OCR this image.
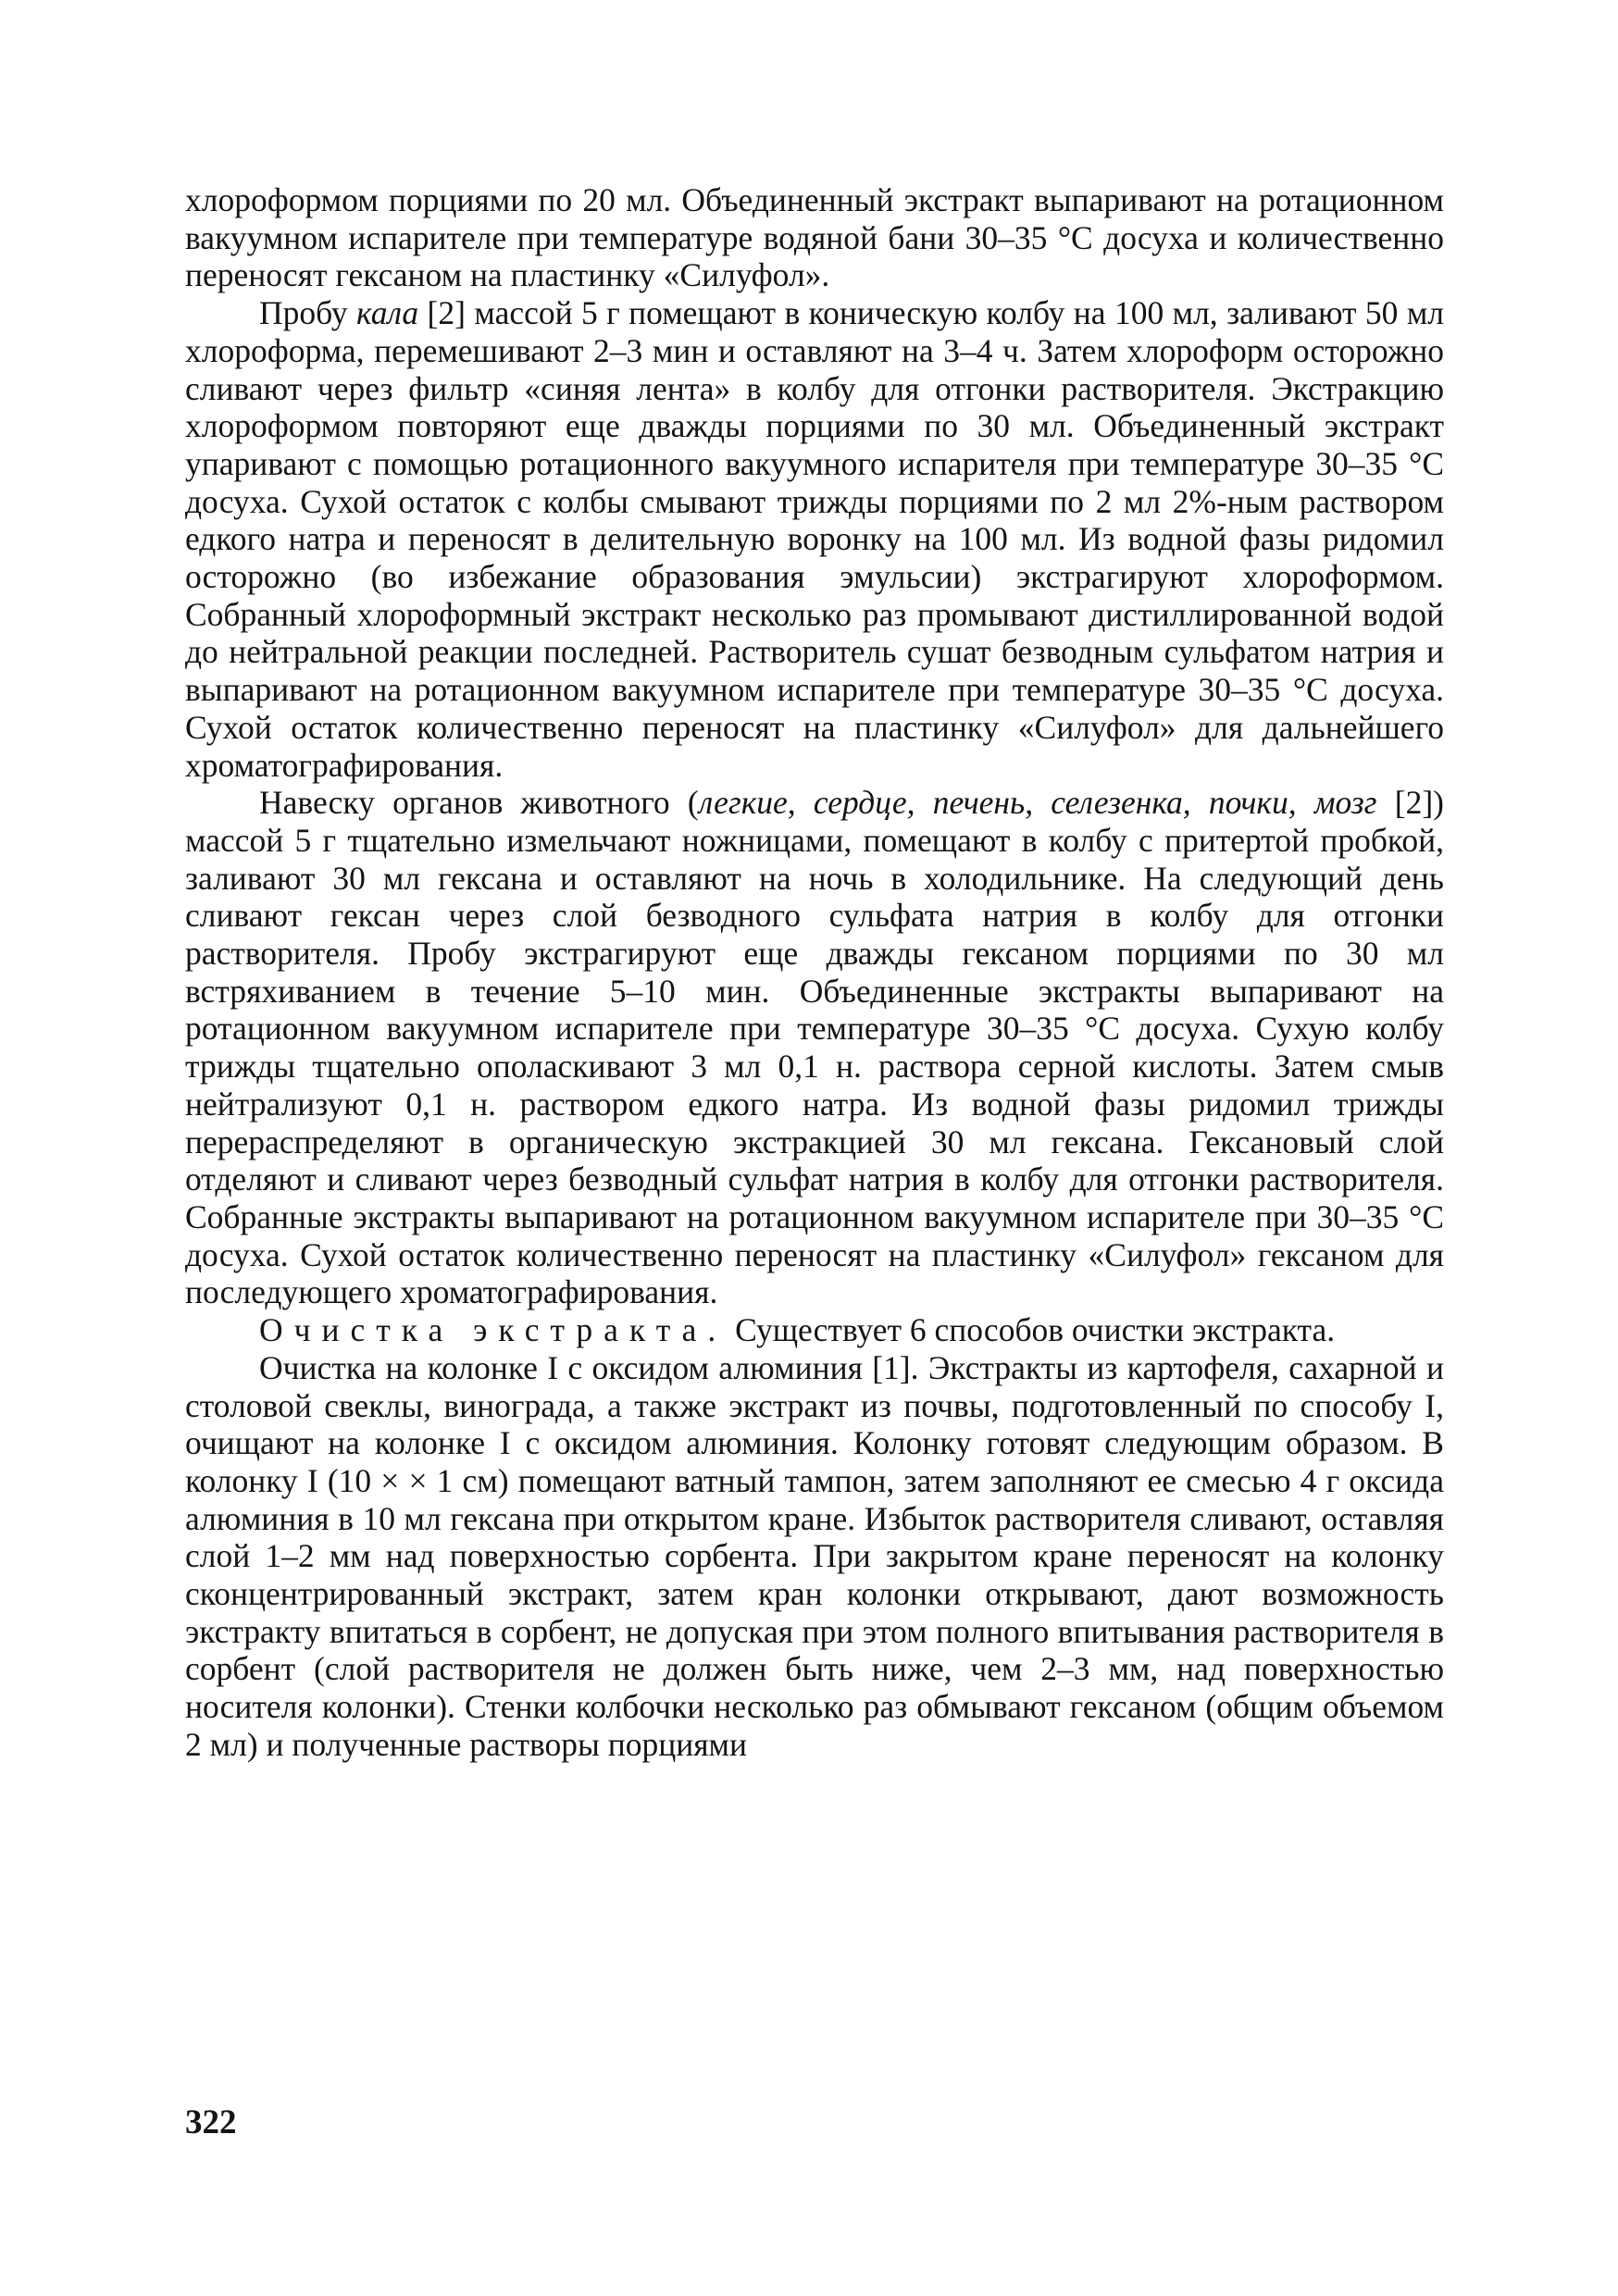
хлороформом порциями по 20 мл. Объединенный экстракт выпаривают на ротационном вакуумном испарителе при температуре водяной бани 30–35 °С досуха и количественно переносят гексаном на пластинку «Силуфол».

Пробу кала [2] массой 5 г помещают в коническую колбу на 100 мл, заливают 50 мл хлороформа, перемешивают 2–3 мин и оставляют на 3–4 ч. Затем хлороформ осторожно сливают через фильтр «синяя лента» в колбу для отгонки растворителя. Экстракцию хлороформом повторяют еще дважды порциями по 30 мл. Объединенный экстракт упаривают с помощью ротационного вакуумного испарителя при температуре 30–35 °С досуха. Сухой остаток с колбы смывают трижды порциями по 2 мл 2%-ным раствором едкого натра и переносят в делительную воронку на 100 мл. Из водной фазы ридомил осторожно (во избежание образования эмульсии) экстрагируют хлороформом. Собранный хлороформный экстракт несколько раз промывают дистиллированной водой до нейтральной реакции последней. Растворитель сушат безводным сульфатом натрия и выпаривают на ротационном вакуумном испарителе при температуре 30–35 °С досуха. Сухой остаток количественно переносят на пластинку «Силуфол» для дальнейшего хроматографирования.

Навеску органов животного (легкие, сердце, печень, селезенка, почки, мозг [2]) массой 5 г тщательно измельчают ножницами, помещают в колбу с притертой пробкой, заливают 30 мл гексана и оставляют на ночь в холодильнике. На следующий день сливают гексан через слой безводного сульфата натрия в колбу для отгонки растворителя. Пробу экстрагируют еще дважды гексаном порциями по 30 мл встряхиванием в течение 5–10 мин. Объединенные экстракты выпаривают на ротационном вакуумном испарителе при температуре 30–35 °С досуха. Сухую колбу трижды тщательно ополаскивают 3 мл 0,1 н. раствора серной кислоты. Затем смыв нейтрализуют 0,1 н. раствором едкого натра. Из водной фазы ридомил трижды перераспределяют в органическую экстракцией 30 мл гексана. Гексановый слой отделяют и сливают через безводный сульфат натрия в колбу для отгонки растворителя. Собранные экстракты выпаривают на ротационном вакуумном испарителе при 30–35 °С досуха. Сухой остаток количественно переносят на пластинку «Силуфол» гексаном для последующего хроматографирования.

Очистка экстракта. Существует 6 способов очистки экстракта.

Очистка на колонке I с оксидом алюминия [1]. Экстракты из картофеля, сахарной и столовой свеклы, винограда, а также экстракт из почвы, подготовленный по способу I, очищают на колонке I с оксидом алюминия. Колонку готовят следующим образом. В колонку I (10 × × 1 см) помещают ватный тампон, затем заполняют ее смесью 4 г оксида алюминия в 10 мл гексана при открытом кране. Избыток растворителя сливают, оставляя слой 1–2 мм над поверхностью сорбента. При закрытом кране переносят на колонку сконцентрированный экстракт, затем кран колонки открывают, дают возможность экстракту впитаться в сорбент, не допуская при этом полного впитывания растворителя в сорбент (слой растворителя не должен быть ниже, чем 2–3 мм, над поверхностью носителя колонки). Стенки колбочки несколько раз обмывают гексаном (общим объемом 2 мл) и полученные растворы порциями

322
